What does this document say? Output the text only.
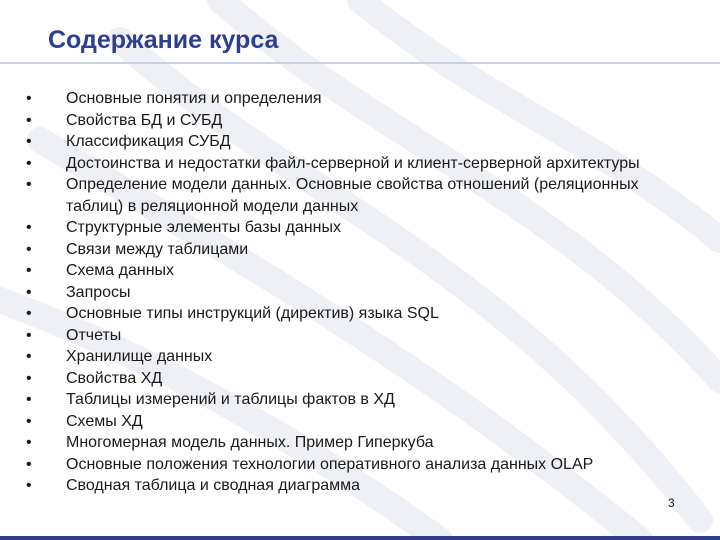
Содержание курса
• Основные понятия и определения
• Свойства БД и СУБД
• Классификация СУБД
• Достоинства и недостатки файл-серверной и клиент-серверной архитектуры
• Определение модели данных. Основные свойства отношений (реляционных таблиц) в реляционной модели данных
• Структурные элементы базы данных
• Связи между таблицами
• Схема данных
• Запросы
• Основные типы инструкций (директив) языка SQL
• Отчеты
• Хранилище данных
• Свойства ХД
• Таблицы измерений и таблицы фактов в ХД
• Схемы ХД
• Многомерная модель данных. Пример Гиперкуба
• Основные положения технологии оперативного анализа данных OLAP
• Сводная таблица и сводная диаграмма
3
